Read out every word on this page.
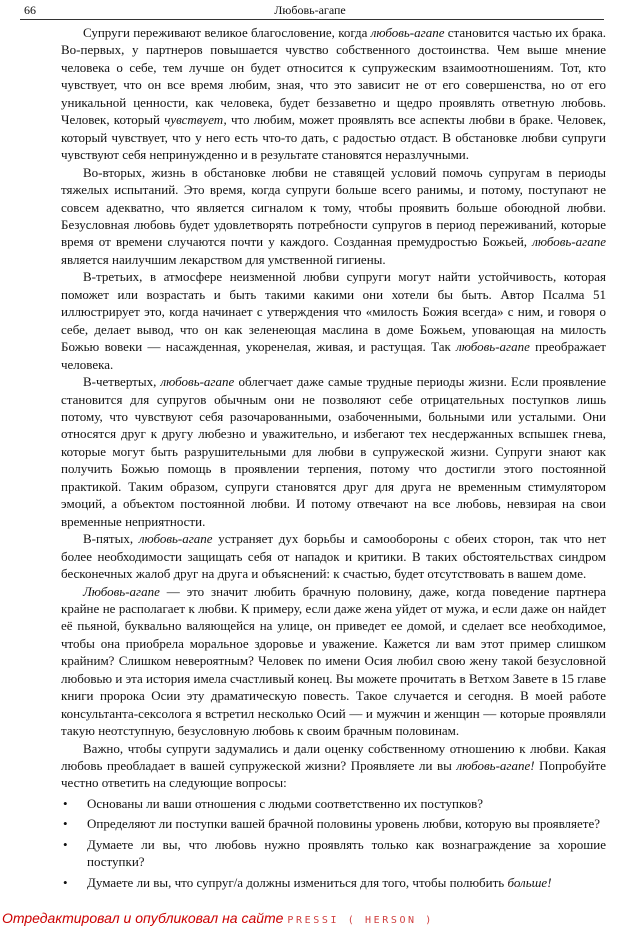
66	Любовь-агапе

Супруги переживают великое благословение, когда любовь-агапе становится частью их брака. Во-первых, у партнеров повышается чувство собственного достоинства. Чем выше мнение человека о себе, тем лучше он будет относится к супружеским взаимоотношениям. Тот, кто чувствует, что он все время любим, зная, что это зависит не от его совершенства, но от его уникальной ценности, как человека, будет беззаветно и щедро проявлять ответную любовь. Человек, который чувствует, что любим, может проявлять все аспекты любви в браке. Человек, который чувствует, что у него есть что-то дать, с радостью отдаст. В обстановке любви супруги чувствуют себя непринужденно и в результате становятся неразлучными.

Во-вторых, жизнь в обстановке любви не ставящей условий помочь супругам в периоды тяжелых испытаний. Это время, когда супруги больше всего ранимы, и потому, поступают не совсем адекватно, что является сигналом к тому, чтобы проявить больше обоюдной любви. Безусловная любовь будет удовлетворять потребности супругов в период переживаний, которые время от времени случаются почти у каждого. Созданная премудростью Божьей, любовь-агапе является наилучшим лекарством для умственной гигиены.

В-третьих, в атмосфере неизменной любви супруги могут найти устойчивость, которая поможет или возрастать и быть такими какими они хотели бы быть. Автор Псалма 51 иллюстрирует это, когда начинает с утверждения что «милость Божия всегда» с ним, и говоря о себе, делает вывод, что он как зеленеющая маслина в доме Божьем, уповающая на милость Божью вовеки — насажденная, укоренелая, живая, и растущая. Так любовь-агапе преображает человека.

В-четвертых, любовь-агапе облегчает даже самые трудные периоды жизни. Если проявление становится для супругов обычным они не позволяют себе отрицательных поступков лишь потому, что чувствуют себя разочарованными, озабоченными, больными или усталыми. Они относятся друг к другу любезно и уважительно, и избегают тех несдержанных вспышек гнева, которые могут быть разрушительными для любви в супружеской жизни. Супруги знают как получить Божью помощь в проявлении терпения, потому что достигли этого постоянной практикой. Таким образом, супруги становятся друг для друга не временным стимулятором эмоций, а объектом постоянной любви. И потому отвечают на все любовь, невзирая на свои временные неприятности.

В-пятых, любовь-агапе устраняет дух борьбы и самообороны с обеих сторон, так что нет более необходимости защищать себя от нападок и критики. В таких обстоятельствах синдром бесконечных жалоб друг на друга и объяснений: к счастью, будет отсутствовать в вашем доме.

Любовь-агапе — это значит любить брачную половину, даже, когда поведение партнера крайне не располагает к любви. К примеру, если даже жена уйдет от мужа, и если даже он найдет её пьяной, буквально валяющейся на улице, он приведет ее домой, и сделает все необходимое, чтобы она приобрела моральное здоровье и уважение. Кажется ли вам этот пример слишком крайним? Слишком невероятным? Человек по имени Осия любил свою жену такой безусловной любовью и эта история имела счастливый конец. Вы можете прочитать в Ветхом Завете в 15 главе книги пророка Осии эту драматическую повесть. Такое случается и сегодня. В моей работе консультанта-сексолога я встретил несколько Осий — и мужчин и женщин — которые проявляли такую неотступную, безусловную любовь к своим брачным половинам.

Важно, чтобы супруги задумались и дали оценку собственному отношению к любви. Какая любовь преобладает в вашей супружеской жизни? Проявляете ли вы любовь-агапе! Попробуйте честно ответить на следующие вопросы:

• Основаны ли ваши отношения с людьми соответственно их поступков?
• Определяют ли поступки вашей брачной половины уровень любви, которую вы проявляете?
• Думаете ли вы, что любовь нужно проявлять только как вознаграждение за хорошие поступки?
• Думаете ли вы, что супруг/а должны измениться для того, чтобы полюбить больше!
Отредактировал и опубликовал на сайте PRESSI ( HERSON )
